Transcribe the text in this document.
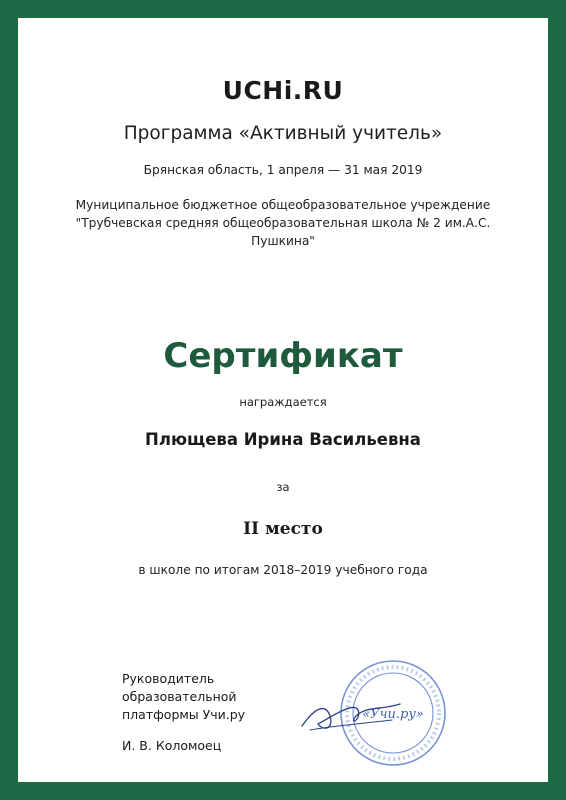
UCHi.RU
Программа «Активный учитель»
Брянская область, 1 апреля — 31 мая 2019
Муниципальное бюджетное общеобразовательное учреждение
"Трубчевская средняя общеобразовательная школа № 2 им.А.С.
Пушкина"
Сертификат
награждается
Плющева Ирина Васильевна
за
II место
в школе по итогам 2018–2019 учебного года
Руководитель
образовательной
платформы Учи.ру
И. В. Коломоец
«Учи.ру»
